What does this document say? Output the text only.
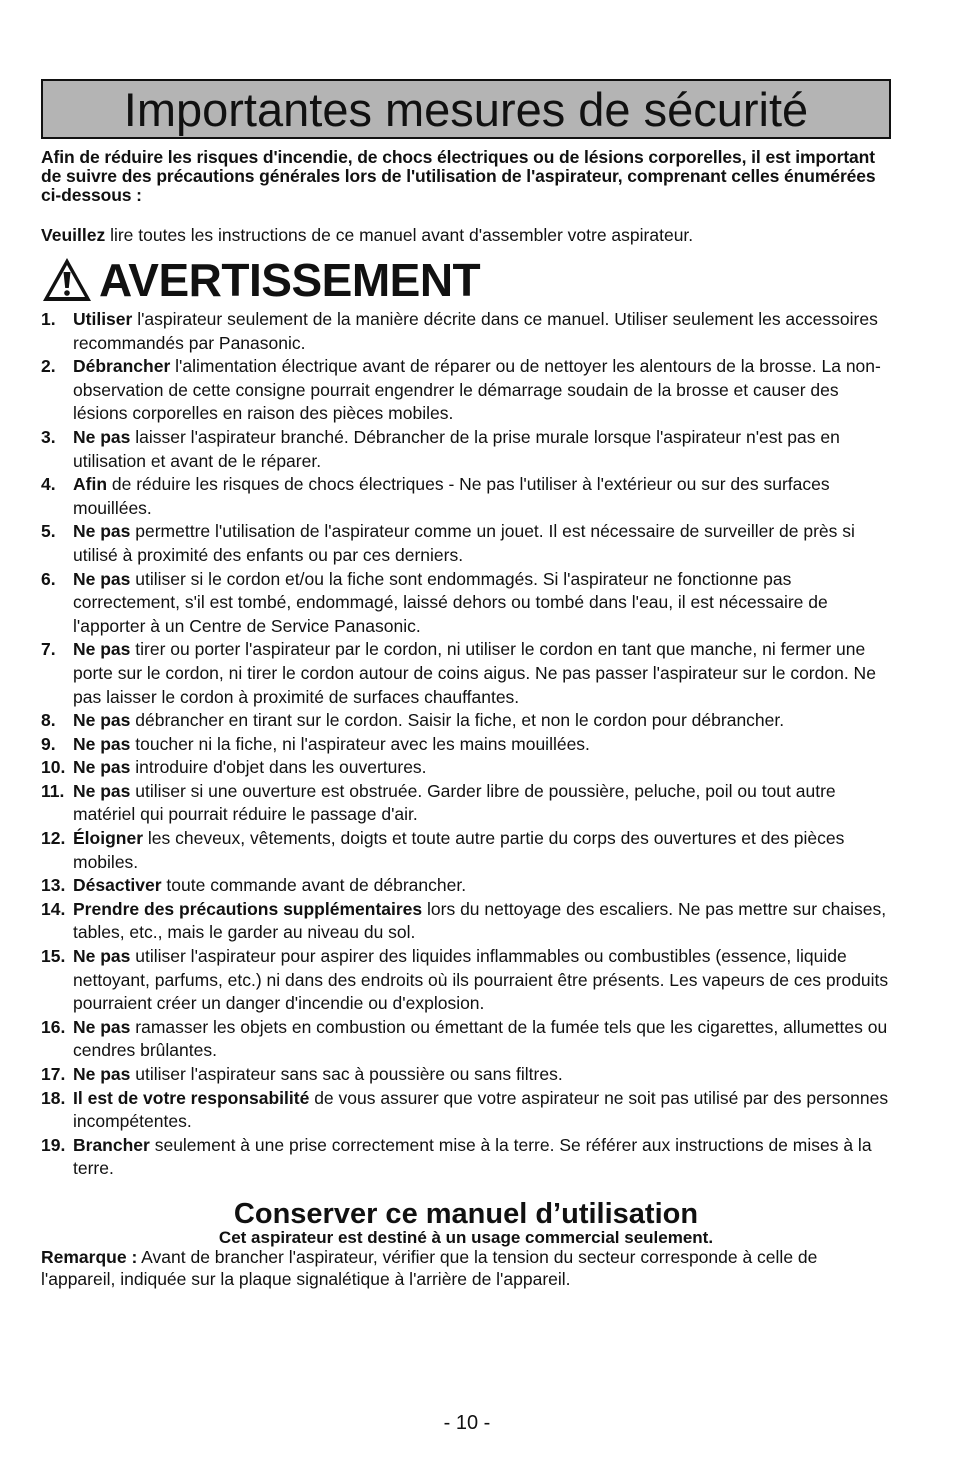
Importantes mesures de sécurité
Afin de réduire les risques d'incendie, de chocs électriques ou de lésions corporelles, il est important de suivre des précautions générales lors de l'utilisation de l'aspirateur, comprenant celles énumérées ci-dessous :
Veuillez lire toutes les instructions de ce manuel avant d'assembler votre aspirateur.
AVERTISSEMENT
1. Utiliser l'aspirateur seulement de la manière décrite dans ce manuel. Utiliser seulement les accessoires recommandés par Panasonic.
2. Débrancher l'alimentation électrique avant de réparer ou de nettoyer les alentours de la brosse. La non-observation de cette consigne pourrait engendrer le démarrage soudain de la brosse et causer des lésions corporelles en raison des pièces mobiles.
3. Ne pas laisser l'aspirateur branché. Débrancher de la prise murale lorsque l'aspirateur n'est pas en utilisation et avant de le réparer.
4. Afin de réduire les risques de chocs électriques - Ne pas l'utiliser à l'extérieur ou sur des surfaces mouillées.
5. Ne pas permettre l'utilisation de l'aspirateur comme un jouet. Il est nécessaire de surveiller de près si utilisé à proximité des enfants ou par ces derniers.
6. Ne pas utiliser si le cordon et/ou la fiche sont endommagés. Si l'aspirateur ne fonctionne pas correctement, s'il est tombé, endommagé, laissé dehors ou tombé dans l'eau, il est nécessaire de l'apporter à un Centre de Service Panasonic.
7. Ne pas tirer ou porter l'aspirateur par le cordon, ni utiliser le cordon en tant que manche, ni fermer une porte sur le cordon, ni tirer le cordon autour de coins aigus. Ne pas passer l'aspirateur sur le cordon. Ne pas laisser le cordon à proximité de surfaces chauffantes.
8. Ne pas débrancher en tirant sur le cordon. Saisir la fiche, et non le cordon pour débrancher.
9. Ne pas toucher ni la fiche, ni l'aspirateur avec les mains mouillées.
10. Ne pas introduire d'objet dans les ouvertures.
11. Ne pas utiliser si une ouverture est obstruée. Garder libre de poussière, peluche, poil ou tout autre matériel qui pourrait réduire le passage d'air.
12. Éloigner les cheveux, vêtements, doigts et toute autre partie du corps des ouvertures et des pièces mobiles.
13. Désactiver toute commande avant de débrancher.
14. Prendre des précautions supplémentaires lors du nettoyage des escaliers. Ne pas mettre sur chaises, tables, etc., mais le garder au niveau du sol.
15. Ne pas utiliser l'aspirateur pour aspirer des liquides inflammables ou combustibles (essence, liquide nettoyant, parfums, etc.) ni dans des endroits où ils pourraient être présents. Les vapeurs de ces produits pourraient créer un danger d'incendie ou d'explosion.
16. Ne pas ramasser les objets en combustion ou émettant de la fumée tels que les cigarettes, allumettes ou cendres brûlantes.
17. Ne pas utiliser l'aspirateur sans sac à poussière ou sans filtres.
18. Il est de votre responsabilité de vous assurer que votre aspirateur ne soit pas utilisé par des personnes incompétentes.
19. Brancher seulement à une prise correctement mise à la terre. Se référer aux instructions de mises à la terre.
Conserver ce manuel d’utilisation
Cet aspirateur est destiné à un usage commercial seulement.
Remarque : Avant de brancher l'aspirateur, vérifier que la tension du secteur corresponde à celle de l'appareil, indiquée sur la plaque signalétique à l'arrière de l'appareil.
- 10 -
